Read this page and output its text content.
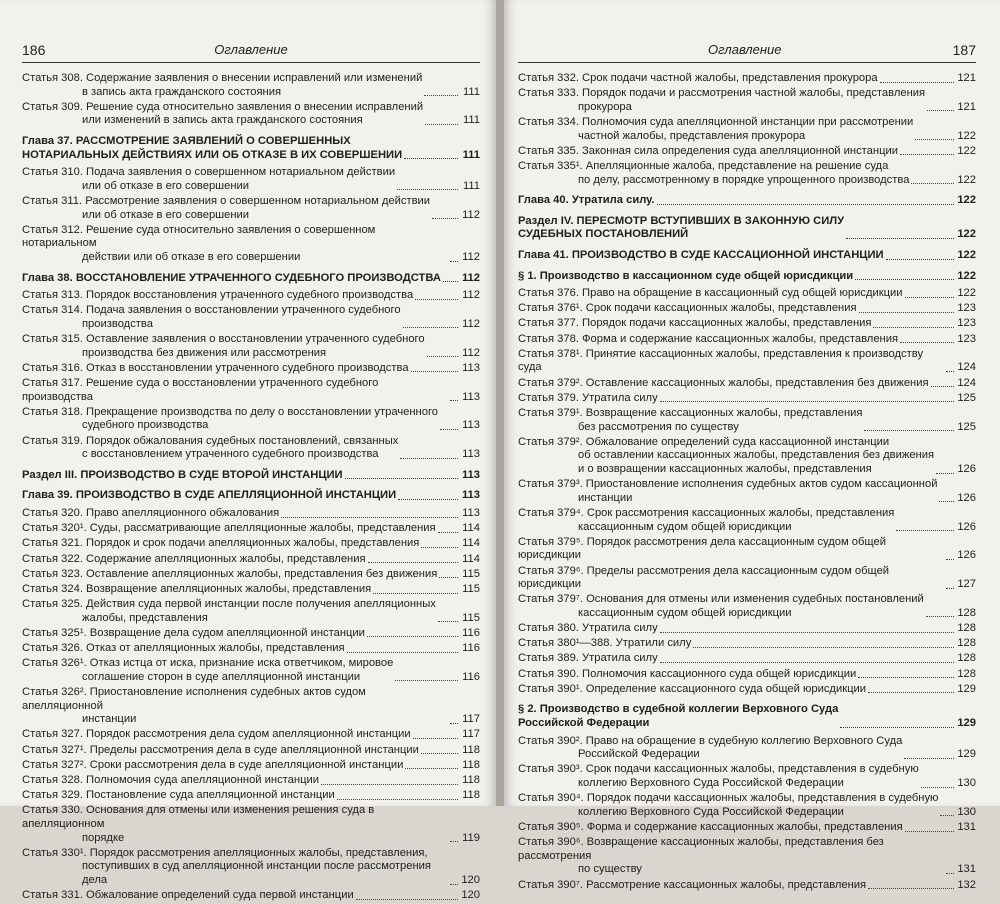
186	Оглавление
Статья 308. Содержание заявления о внесении исправлений или изменений
в запись акта гражданского состояния	111
Статья 309. Решение суда относительно заявления о внесении исправлений
или изменений в запись акта гражданского состояния	111
Глава 37. РАССМОТРЕНИЕ ЗАЯВЛЕНИЙ О СОВЕРШЕННЫХ
НОТАРИАЛЬНЫХ ДЕЙСТВИЯХ ИЛИ ОБ ОТКАЗЕ В ИХ СОВЕРШЕНИИ	111
Статья 310. Подача заявления о совершенном нотариальном действии
или об отказе в его совершении	111
Статья 311. Рассмотрение заявления о совершенном нотариальном действии
или об отказе в его совершении	112
Статья 312. Решение суда относительно заявления о совершенном нотариальном
действии или об отказе в его совершении	112
Глава 38. ВОССТАНОВЛЕНИЕ УТРАЧЕННОГО СУДЕБНОГО ПРОИЗВОДСТВА 112
Статья 313. Порядок восстановления утраченного судебного производства	112
Статья 314. Подача заявления о восстановлении утраченного судебного
производства	112
Статья 315. Оставление заявления о восстановлении утраченного судебного
производства без движения или рассмотрения	112
Статья 316. Отказ в восстановлении утраченного судебного производства	113
Статья 317. Решение суда о восстановлении утраченного судебного производства	113
Статья 318. Прекращение производства по делу о восстановлении утраченного
судебного производства	113
Статья 319. Порядок обжалования судебных постановлений, связанных
с восстановлением утраченного судебного производства	113
Раздел III. ПРОИЗВОДСТВО В СУДЕ ВТОРОЙ ИНСТАНЦИИ	113
Глава 39. ПРОИЗВОДСТВО В СУДЕ АПЕЛЛЯЦИОННОЙ ИНСТАНЦИИ	113
Статья 320. Право апелляционного обжалования	113
Статья 320¹. Суды, рассматривающие апелляционные жалобы, представления 114
Статья 321. Порядок и срок подачи апелляционных жалобы, представления	114
Статья 322. Содержание апелляционных жалобы, представления	114
Статья 323. Оставление апелляционных жалобы, представления без движения 115
Статья 324. Возвращение апелляционных жалобы, представления	115
Статья 325. Действия суда первой инстанции после получения апелляционных
жалобы, представления	115
Статья 325¹. Возвращение дела судом апелляционной инстанции	116
Статья 326. Отказ от апелляционных жалобы, представления	116
Статья 326¹. Отказ истца от иска, признание иска ответчиком, мировое
соглашение сторон в суде апелляционной инстанции	116
Статья 326². Приостановление исполнения судебных актов судом апелляционной
инстанции	117
Статья 327. Порядок рассмотрения дела судом апелляционной инстанции	117
Статья 327¹. Пределы рассмотрения дела в суде апелляционной инстанции	118
Статья 327². Сроки рассмотрения дела в суде апелляционной инстанции	118
Статья 328. Полномочия суда апелляционной инстанции	118
Статья 329. Постановление суда апелляционной инстанции	118
Статья 330. Основания для отмены или изменения решения суда в апелляционном
порядке	119
Статья 330¹. Порядок рассмотрения апелляционных жалобы, представления,
поступивших в суд апелляционной инстанции после рассмотрения дела	120
Статья 331. Обжалование определений суда первой инстанции	120
Оглавление	187
Статья 332. Срок подачи частной жалобы, представления прокурора	121
Статья 333. Порядок подачи и рассмотрения частной жалобы, представления
прокурора	121
Статья 334. Полномочия суда апелляционной инстанции при рассмотрении
частной жалобы, представления прокурора	122
Статья 335. Законная сила определения суда апелляционной инстанции	122
Статья 335¹. Апелляционные жалоба, представление на решение суда
по делу, рассмотренному в порядке упрощенного производства	122
Глава 40. Утратила силу.	122
Раздел IV. ПЕРЕСМОТР ВСТУПИВШИХ В ЗАКОННУЮ СИЛУ
СУДЕБНЫХ ПОСТАНОВЛЕНИЙ	122
Глава 41. ПРОИЗВОДСТВО В СУДЕ КАССАЦИОННОЙ ИНСТАНЦИИ	122
§ 1. Производство в кассационном суде общей юрисдикции	122
Статья 376. Право на обращение в кассационный суд общей юрисдикции	122
Статья 376¹. Срок подачи кассационных жалобы, представления	123
Статья 377. Порядок подачи кассационных жалобы, представления	123
Статья 378. Форма и содержание кассационных жалобы, представления	123
Статья 378¹. Принятие кассационных жалобы, представления к производству суда	124
Статья 379². Оставление кассационных жалобы, представления без движения	124
Статья 379. Утратила силу	125
Статья 379¹. Возвращение кассационных жалобы, представления
без рассмотрения по существу	125
Статья 379². Обжалование определений суда кассационной инстанции
об оставлении кассационных жалобы, представления без движения
и о возвращении кассационных жалобы, представления	126
Статья 379³. Приостановление исполнения судебных актов судом кассационной
инстанции	126
Статья 379⁴. Срок рассмотрения кассационных жалобы, представления
кассационным судом общей юрисдикции	126
Статья 379⁵. Порядок рассмотрения дела кассационным судом общей юрисдикции	126
Статья 379⁶. Пределы рассмотрения дела кассационным судом общей юрисдикции	127
Статья 379⁷. Основания для отмены или изменения судебных постановлений
кассационным судом общей юрисдикции	128
Статья 380. Утратила силу	128
Статья 380¹—388. Утратили силу	128
Статья 389. Утратила силу	128
Статья 390. Полномочия кассационного суда общей юрисдикции	128
Статья 390¹. Определение кассационного суда общей юрисдикции	129
§ 2. Производство в судебной коллегии Верховного Суда
Российской Федерации	129
Статья 390². Право на обращение в судебную коллегию Верховного Суда
Российской Федерации	129
Статья 390³. Срок подачи кассационных жалобы, представления в судебную
коллегию Верховного Суда Российской Федерации	130
Статья 390⁴. Порядок подачи кассационных жалобы, представления в судебную
коллегию Верховного Суда Российской Федерации	130
Статья 390⁵. Форма и содержание кассационных жалобы, представления	131
Статья 390⁶. Возвращение кассационных жалобы, представления без рассмотрения
по существу	131
Статья 390⁷. Рассмотрение кассационных жалобы, представления	132
